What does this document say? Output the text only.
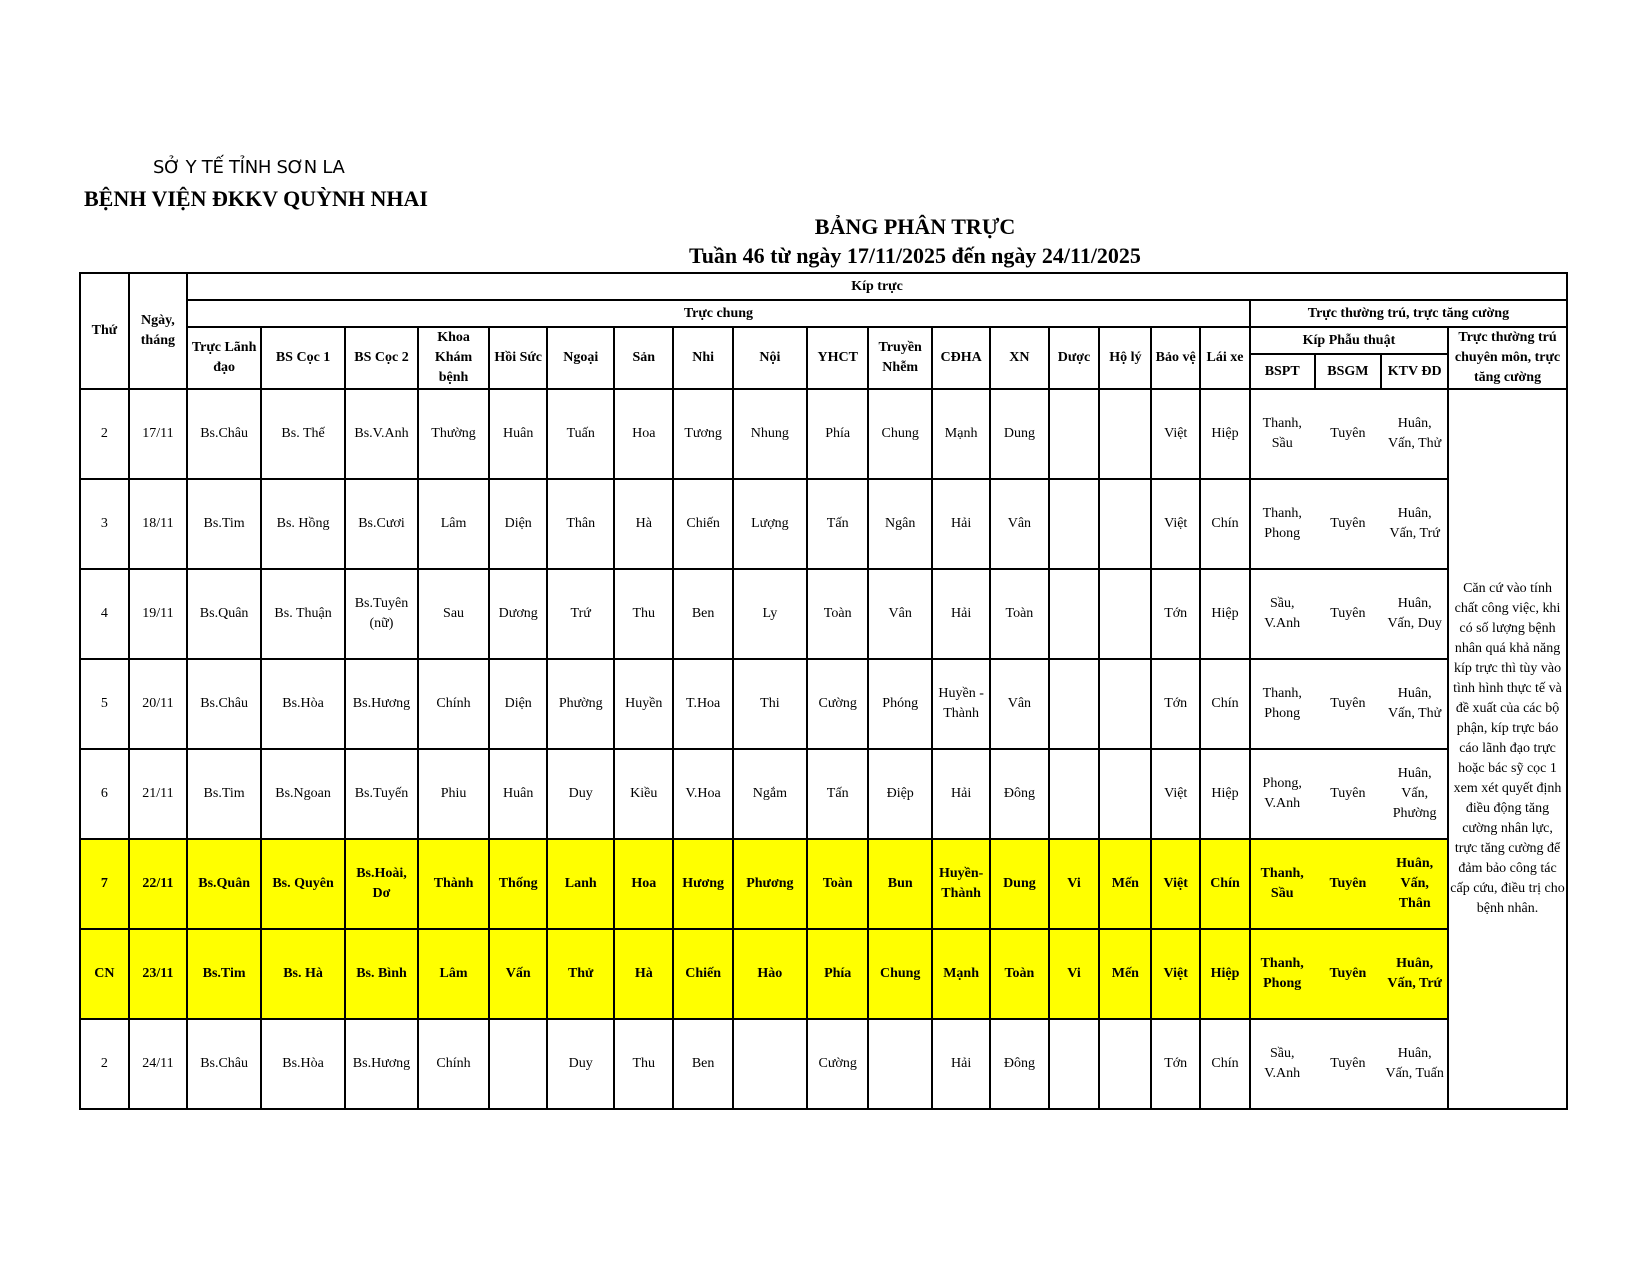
SỞ Y TẾ TỈNH SƠN LA
BỆNH VIỆN ĐKKV QUỲNH NHAI
BẢNG PHÂN TRỰC
Tuần 46 từ ngày 17/11/2025 đến ngày 24/11/2025
Thứ	Ngày, tháng	Kíp trực																				
		Trực chung																	Trực thường trú, trực tăng cường			
		Trực Lãnh đạo	BS Cọc 1	BS Cọc 2	Khoa Khám bệnh	Hồi Sức	Ngoại	Sản	Nhi	Nội	YHCT	Truyền Nhễm	CĐHA	XN	Dược	Hộ lý	Bảo vệ	Lái xe	Kíp Phẫu thuật			Trực thường trú chuyên môn, trực tăng cường
																			BSPT	BSGM	KTV ĐD	
2	17/11	Bs.Châu	Bs. Thế	Bs.V.Anh	Thường	Huân	Tuấn	Hoa	Tương	Nhung	Phía	Chung	Mạnh	Dung			Việt	Hiệp	Thanh, Sầu	Tuyên	Huân, Vấn, Thử	Căn cứ vào tính chất công việc, khi có số lượng bệnh nhân quá khả năng kíp trực thì tùy vào tình hình thực tế và đề xuất của các bộ phận, kíp trực báo cáo lãnh đạo trực hoặc bác sỹ cọc 1 xem xét quyết định điều động tăng cường nhân lực, trực tăng cường để đảm bảo công tác cấp cứu, điều trị cho bệnh nhân.
3	18/11	Bs.Tim	Bs. Hồng	Bs.Cươi	Lâm	Diện	Thân	Hà	Chiến	Lượng	Tấn	Ngân	Hải	Vân			Việt	Chín	Thanh, Phong	Tuyên	Huân, Vấn, Trứ	
4	19/11	Bs.Quân	Bs. Thuận	Bs.Tuyên (nữ)	Sau	Dương	Trứ	Thu	Ben	Ly	Toàn	Vân	Hải	Toàn			Tớn	Hiệp	Sầu, V.Anh	Tuyên	Huân, Vấn, Duy	
5	20/11	Bs.Châu	Bs.Hòa	Bs.Hương	Chính	Diện	Phường	Huyền	T.Hoa	Thi	Cường	Phóng	Huyền - Thành	Vân			Tớn	Chín	Thanh, Phong	Tuyên	Huân, Vấn, Thử	
6	21/11	Bs.Tim	Bs.Ngoan	Bs.Tuyến	Phiu	Huân	Duy	Kiều	V.Hoa	Ngắm	Tấn	Điệp	Hải	Đông			Việt	Hiệp	Phong, V.Anh	Tuyên	Huân, Vấn, Phường	
7	22/11	Bs.Quân	Bs. Quyên	Bs.Hoài, Dơ	Thành	Thống	Lanh	Hoa	Hương	Phương	Toàn	Bun	Huyền- Thành	Dung	Vi	Mến	Việt	Chín	Thanh, Sầu	Tuyên	Huân, Vấn, Thân	
CN	23/11	Bs.Tim	Bs. Hà	Bs. Bình	Lâm	Vấn	Thử	Hà	Chiến	Hào	Phía	Chung	Mạnh	Toàn	Vi	Mến	Việt	Hiệp	Thanh, Phong	Tuyên	Huân, Vấn, Trứ	
2	24/11	Bs.Châu	Bs.Hòa	Bs.Hương	Chính		Duy	Thu	Ben		Cường		Hải	Đông			Tớn	Chín	Sầu, V.Anh	Tuyên	Huân, Vấn, Tuấn	
